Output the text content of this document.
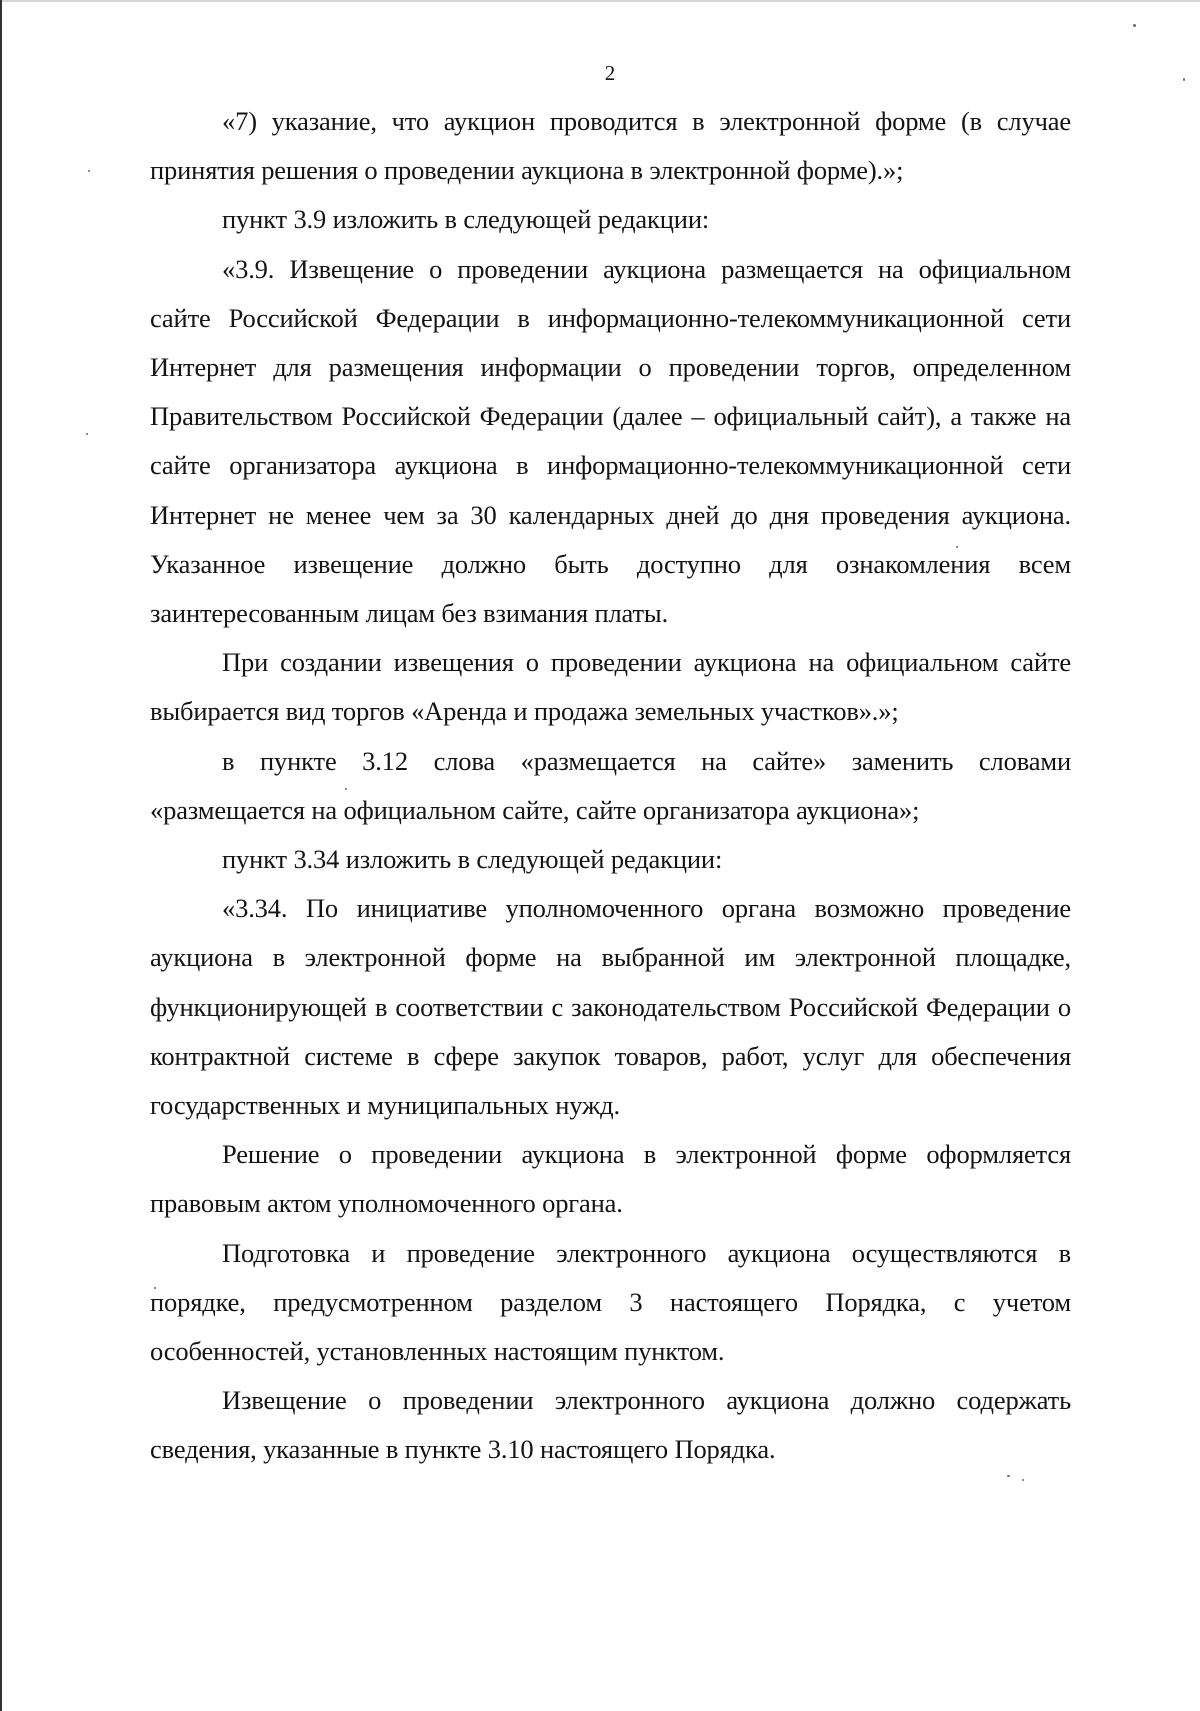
2

«7) указание, что аукцион проводится в электронной форме (в случае принятия решения о проведении аукциона в электронной форме).»;

пункт 3.9 изложить в следующей редакции:

«3.9. Извещение о проведении аукциона размещается на официальном сайте Российской Федерации в информационно-телекоммуникационной сети Интернет для размещения информации о проведении торгов, определенном Правительством Российской Федерации (далее – официальный сайт), а также на сайте организатора аукциона в информационно-телекоммуникационной сети Интернет не менее чем за 30 календарных дней до дня проведения аукциона. Указанное извещение должно быть доступно для ознакомления всем заинтересованным лицам без взимания платы.

При создании извещения о проведении аукциона на официальном сайте выбирается вид торгов «Аренда и продажа земельных участков».»;

в пункте 3.12 слова «размещается на сайте» заменить словами «размещается на официальном сайте, сайте организатора аукциона»;

пункт 3.34 изложить в следующей редакции:

«3.34. По инициативе уполномоченного органа возможно проведение аукциона в электронной форме на выбранной им электронной площадке, функционирующей в соответствии с законодательством Российской Федерации о контрактной системе в сфере закупок товаров, работ, услуг для обеспечения государственных и муниципальных нужд.

Решение о проведении аукциона в электронной форме оформляется правовым актом уполномоченного органа.

Подготовка и проведение электронного аукциона осуществляются в порядке, предусмотренном разделом 3 настоящего Порядка, с учетом особенностей, установленных настоящим пунктом.

Извещение о проведении электронного аукциона должно содержать сведения, указанные в пункте 3.10 настоящего Порядка.
